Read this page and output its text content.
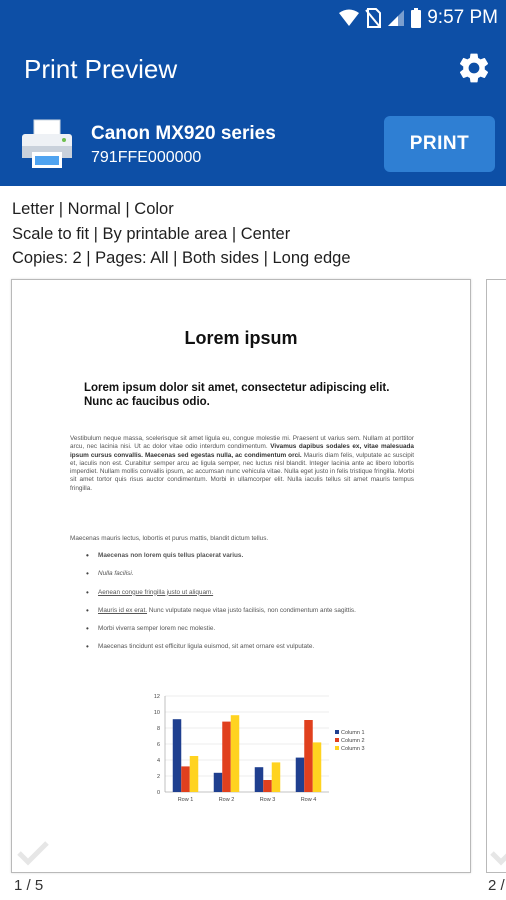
9:57 PM
Print Preview
Canon MX920 series
791FFE000000
PRINT
Letter | Normal | Color
Scale to fit | By printable area | Center
Copies: 2 | Pages: All | Both sides | Long edge
Lorem ipsum
Lorem ipsum dolor sit amet, consectetur adipiscing elit. Nunc ac faucibus odio.
Vestibulum neque massa, scelerisque sit amet ligula eu, congue molestie mi. Praesent ut varius sem. Nullam at porttitor arcu, nec lacinia nisi. Ut ac dolor vitae odio interdum condimentum. Vivamus dapibus sodales ex, vitae malesuada ipsum cursus convallis. Maecenas sed egestas nulla, ac condimentum orci. Mauris diam felis, vulputate ac suscipit et, iaculis non est. Curabitur semper arcu ac ligula semper, nec luctus nisl blandit. Integer lacinia ante ac libero lobortis imperdiet. Nullam mollis convallis ipsum, ac accumsan nunc vehicula vitae. Nulla eget justo in felis tristique fringilla. Morbi sit amet tortor quis risus auctor condimentum. Morbi in ullamcorper elit. Nulla iaculis tellus sit amet mauris tempus fringilla.
Maecenas mauris lectus, lobortis et purus mattis, blandit dictum tellus.
• Maecenas non lorem quis tellus placerat varius.
• Nulla facilisi.
• Aenean congue fringilla justo ut aliquam.
• Mauris id ex erat. Nunc vulputate neque vitae justo facilisis, non condimentum ante sagittis.
• Morbi viverra semper lorem nec molestie.
• Maecenas tincidunt est efficitur ligula euismod, sit amet ornare est vulputate.
0
2
4
6
8
10
12
Row 1	Row 2	Row 3	Row 4
Column 1
Column 2
Column 3
1 / 5	2 /
